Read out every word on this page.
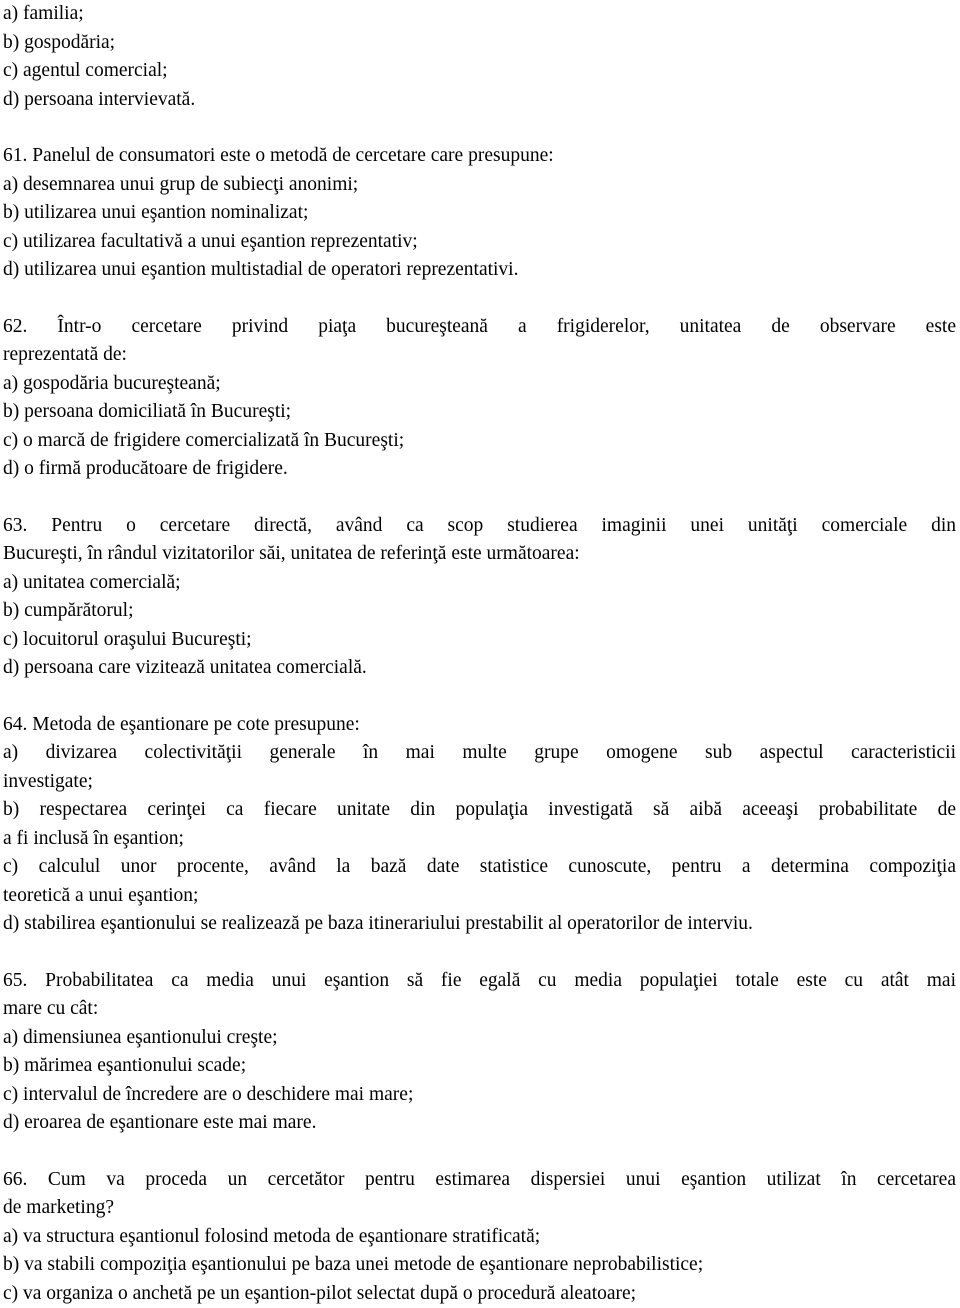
a) familia;
b) gospodăria;
c) agentul comercial;
d) persoana intervievată.
61. Panelul de consumatori este o metodă de cercetare care presupune:
a) desemnarea unui grup de subiecţi anonimi;
b) utilizarea unui eşantion nominalizat;
c) utilizarea facultativă a unui eşantion reprezentativ;
d) utilizarea unui eşantion multistadial de operatori reprezentativi.
62. Într-o cercetare privind piaţa bucureşteană a frigiderelor, unitatea de observare este
reprezentată de:
a) gospodăria bucureşteană;
b) persoana domiciliată în Bucureşti;
c) o marcă de frigidere comercializată în Bucureşti;
d) o firmă producătoare de frigidere.
63. Pentru o cercetare directă, având ca scop studierea imaginii unei unităţi comerciale din
Bucureşti, în rândul vizitatorilor săi, unitatea de referinţă este următoarea:
a) unitatea comercială;
b) cumpărătorul;
c) locuitorul oraşului Bucureşti;
d) persoana care vizitează unitatea comercială.
64. Metoda de eşantionare pe cote presupune:
a) divizarea colectivităţii generale în mai multe grupe omogene sub aspectul caracteristicii
investigate;
b) respectarea cerinţei ca fiecare unitate din populaţia investigată să aibă aceeaşi probabilitate de
a fi inclusă în eşantion;
c) calculul unor procente, având la bază date statistice cunoscute, pentru a determina compoziţia
teoretică a unui eşantion;
d) stabilirea eşantionului se realizează pe baza itinerariului prestabilit al operatorilor de interviu.
65. Probabilitatea ca media unui eşantion să fie egală cu media populaţiei totale este cu atât mai
mare cu cât:
a) dimensiunea eşantionului creşte;
b) mărimea eşantionului scade;
c) intervalul de încredere are o deschidere mai mare;
d) eroarea de eşantionare este mai mare.
66. Cum va proceda un cercetător pentru estimarea dispersiei unui eşantion utilizat în cercetarea
de marketing?
a) va structura eşantionul folosind metoda de eşantionare stratificată;
b) va stabili compoziţia eşantionului pe baza unei metode de eşantionare neprobabilistice;
c) va organiza o anchetă pe un eşantion-pilot selectat după o procedură aleatoare;
